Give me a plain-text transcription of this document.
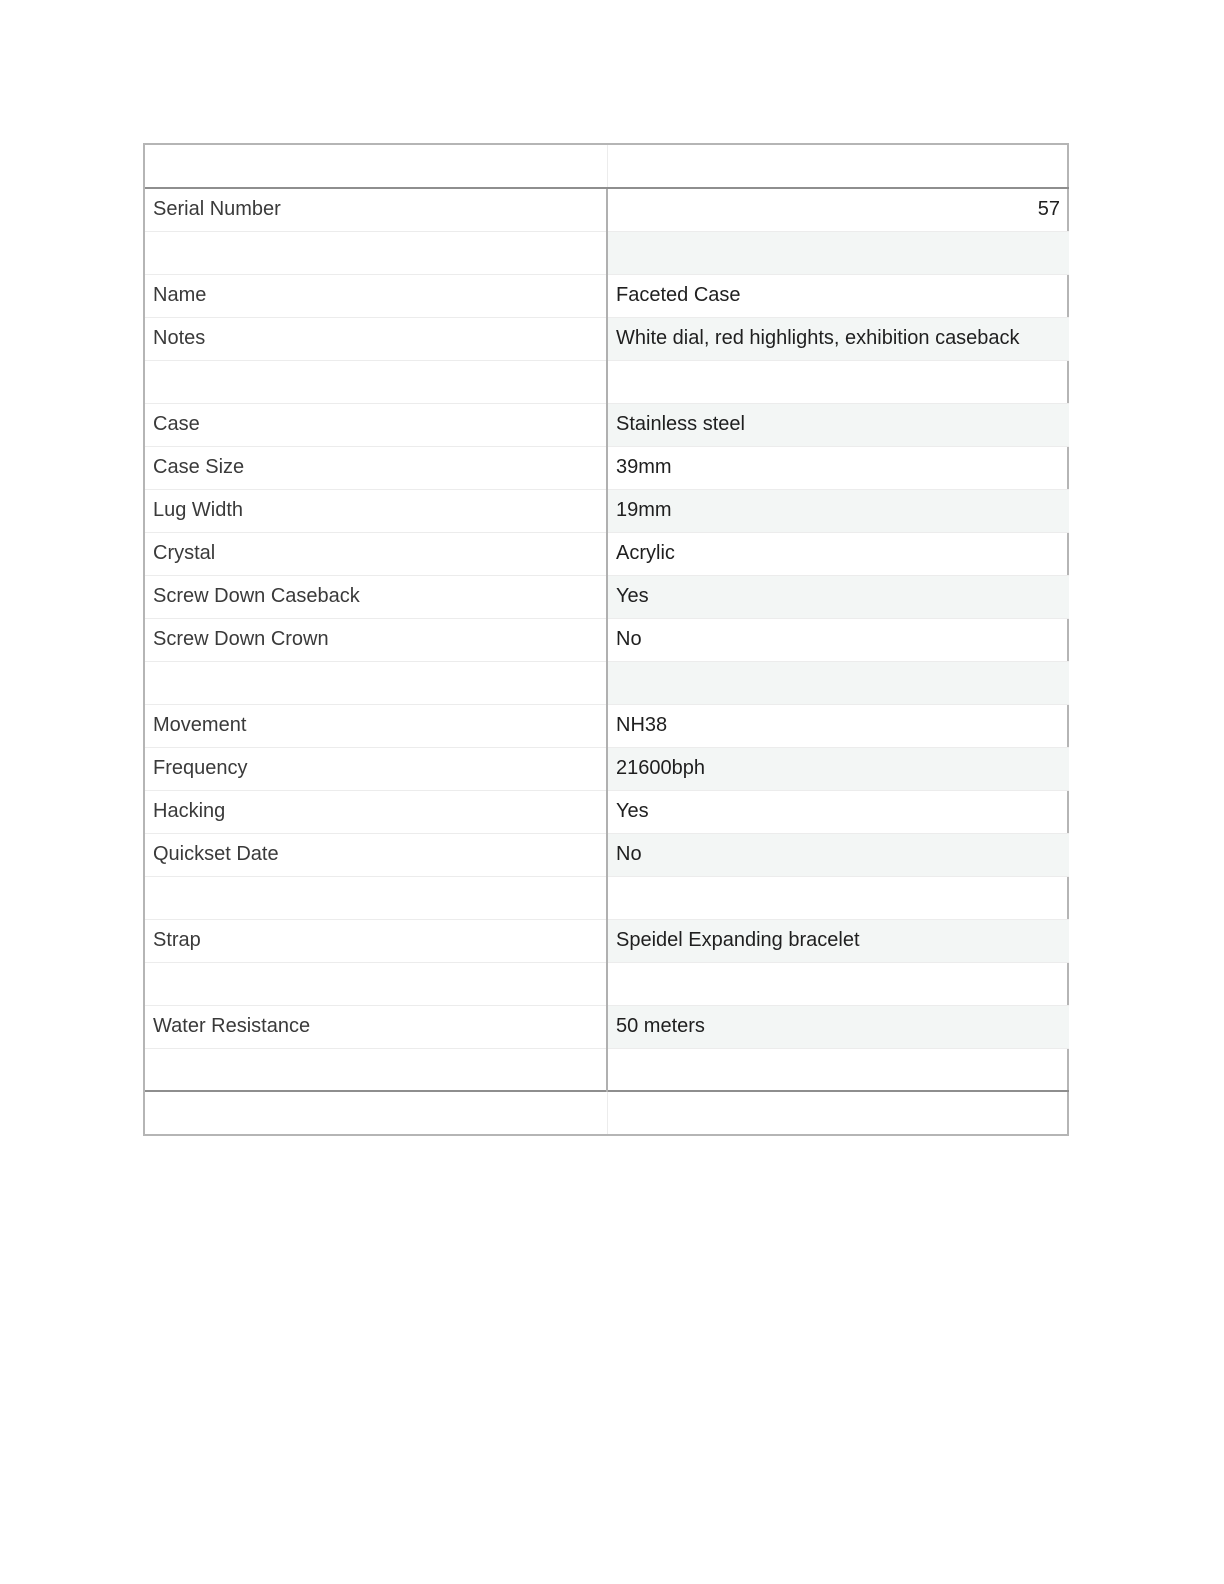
Serial Number	57

Name	Faceted Case
Notes	White dial, red highlights, exhibition caseback

Case	Stainless steel
Case Size	39mm
Lug Width	19mm
Crystal	Acrylic
Screw Down Caseback	Yes
Screw Down Crown	No

Movement	NH38
Frequency	21600bph
Hacking	Yes
Quickset Date	No

Strap	Speidel Expanding bracelet

Water Resistance	50 meters
